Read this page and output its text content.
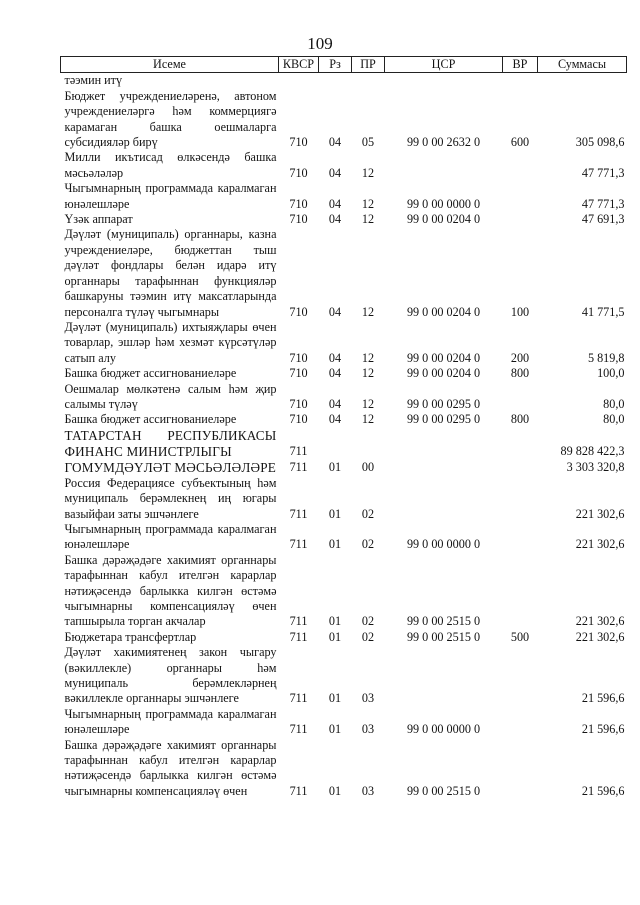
109
Исеме	КВСР	Рз	ПР	ЦСР	ВР	Суммасы
тәэмин итү						
Бюджет учреждениеләренә, автоном учреждениеләргә һәм коммерциягә карамаган башка оешмаларга субсидияләр бирү	710	04	05	99 0 00 2632 0	600	305 098,6
Милли икътисад өлкәсендә башка мәсьәләләр	710	04	12			47 771,3
Чыгымнарның программада каралмаган юнәлешләре	710	04	12	99 0 00 0000 0		47 771,3
Үзәк аппарат	710	04	12	99 0 00 0204 0		47 691,3
Дәүләт (муниципаль) органнары, казна учреждениеләре, бюджеттан тыш дәүләт фондлары белән идарә итү органнары тарафыннан функцияләр башкаруны тәэмин итү максатларында персоналга түләү чыгымнары	710	04	12	99 0 00 0204 0	100	41 771,5
Дәүләт (муниципаль) ихтыяҗлары өчен товарлар, эшләр һәм хезмәт күрсәтүләр сатып алу	710	04	12	99 0 00 0204 0	200	5 819,8
Башка бюджет ассигнованиеләре	710	04	12	99 0 00 0204 0	800	100,0
Оешмалар мөлкәтенә салым һәм җир салымы түләү	710	04	12	99 0 00 0295 0		80,0
Башка бюджет ассигнованиеләре	710	04	12	99 0 00 0295 0	800	80,0
ТАТАРСТАН РЕСПУБЛИКАСЫ ФИНАНС МИНИСТРЛЫГЫ	711					89 828 422,3
ГОМУМДӘҮЛӘТ МӘСЬӘЛӘЛӘРЕ	711	01	00			3 303 320,8
Россия Федерациясе субъектының һәм муниципаль берәмлекнең иң югары вазыйфаи заты эшчәнлеге	711	01	02			221 302,6
Чыгымнарның программада каралмаган юнәлешләре	711	01	02	99 0 00 0000 0		221 302,6
Башка дәрәҗәдәге хакимият органнары тарафыннан кабул ителгән карарлар нәтиҗәсендә барлыкка килгән өстәмә чыгымнарны компенсацияләү өчен тапшырыла торган акчалар	711	01	02	99 0 00 2515 0		221 302,6
Бюджетара трансфертлар	711	01	02	99 0 00 2515 0	500	221 302,6
Дәүләт хакимиятенең закон чыгару (вәкиллекле) органнары һәм муниципаль берәмлекләрнең вәкиллекле органнары эшчәнлеге	711	01	03			21 596,6
Чыгымнарның программада каралмаган юнәлешләре	711	01	03	99 0 00 0000 0		21 596,6
Башка дәрәҗәдәге хакимият органнары тарафыннан кабул ителгән карарлар нәтиҗәсендә барлыкка килгән өстәмә чыгымнарны компенсацияләү өчен	711	01	03	99 0 00 2515 0		21 596,6
